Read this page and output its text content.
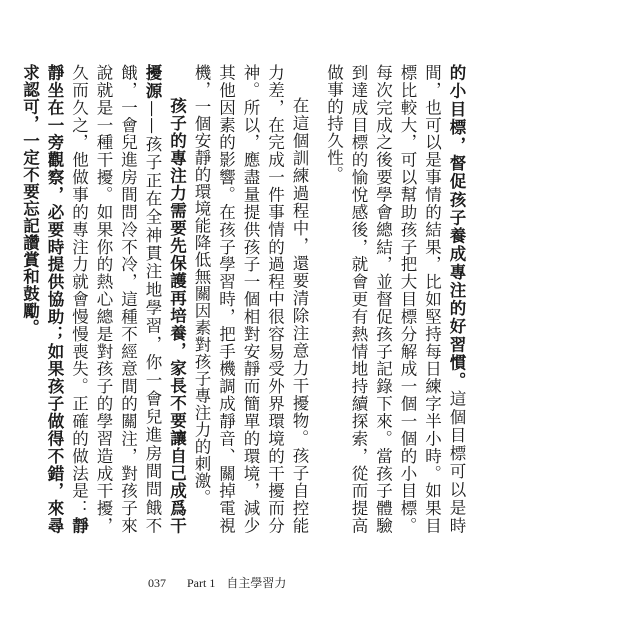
的小目標，督促孩子養成專注的好習慣。這個目標可以是時間，也可以是事情的結果，比如堅持每日練字半小時。如果目標比較大，可以幫助孩子把大目標分解成一個一個的小目標。每次完成之後要學會總結，並督促孩子記錄下來。當孩子體驗到達成目標的愉悅感後，就會更有熱情地持續探索，從而提高做事的持久性。

在這個訓練過程中，還要清除注意力干擾物。孩子自控能力差，在完成一件事情的過程中很容易受外界環境的干擾而分神。所以，應盡量提供孩子一個相對安靜而簡單的環境，減少其他因素的影響。在孩子學習時，把手機調成靜音、關掉電視機，一個安靜的環境能降低無關因素對孩子專注力的刺激。

孩子的專注力需要先保護再培養，家長不要讓自己成爲干擾源——孩子正在全神貫注地學習，你一會兒進房間問餓不餓，一會兒進房間問冷不冷，這種不經意間的關注，對孩子來說就是一種干擾。如果你的熱心總是對孩子的學習造成干擾，久而久之，他做事的專注力就會慢慢喪失。正確的做法是：靜靜坐在一旁觀察，必要時提供協助；如果孩子做得不錯，來尋求認可，一定不要忘記讚賞和鼓勵。

037 Part 1 自主學習力
